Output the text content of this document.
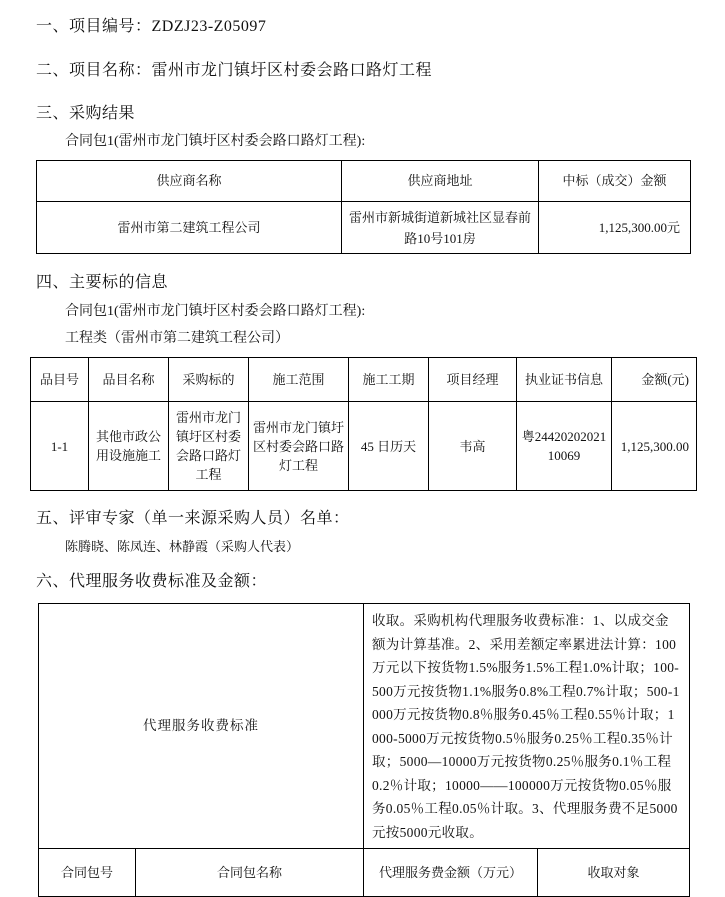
一、项目编号：ZDZJ23-Z05097
二、项目名称：雷州市龙门镇圩区村委会路口路灯工程
三、采购结果
合同包1(雷州市龙门镇圩区村委会路口路灯工程):
供应商名称	供应商地址	中标（成交）金额
雷州市第二建筑工程公司	雷州市新城街道新城社区显春前路10号101房	1,125,300.00元
四、主要标的信息
合同包1(雷州市龙门镇圩区村委会路口路灯工程):
工程类（雷州市第二建筑工程公司）
品目号	品目名称	采购标的	施工范围	施工工期	项目经理	执业证书信息	金额(元)
1-1	其他市政公用设施施工	雷州市龙门镇圩区村委会路口路灯工程	雷州市龙门镇圩区村委会路口路灯工程	45 日历天	韦高	粤2442020202110069	1,125,300.00
五、评审专家（单一来源采购人员）名单：
陈腾晓、陈凤连、林静霞（采购人代表）
六、代理服务收费标准及金额：
代理服务收费标准		收取。采购机构代理服务收费标准：1、以成交金额为计算基准。2、采用差额定率累进法计算：100万元以下按货物1.5%服务1.5%工程1.0%计取；100-500万元按货物1.1%服务0.8%工程0.7%计取；500-1000万元按货物0.8％服务0.45％工程0.55％计取；1000-5000万元按货物0.5％服务0.25％工程0.35％计取；5000—10000万元按货物0.25％服务0.1％工程0.2％计取；10000——100000万元按货物0.05％服务0.05％工程0.05％计取。3、代理服务费不足5000元按5000元收取。	
合同包号	合同包名称	代理服务费金额（万元）	收取对象
